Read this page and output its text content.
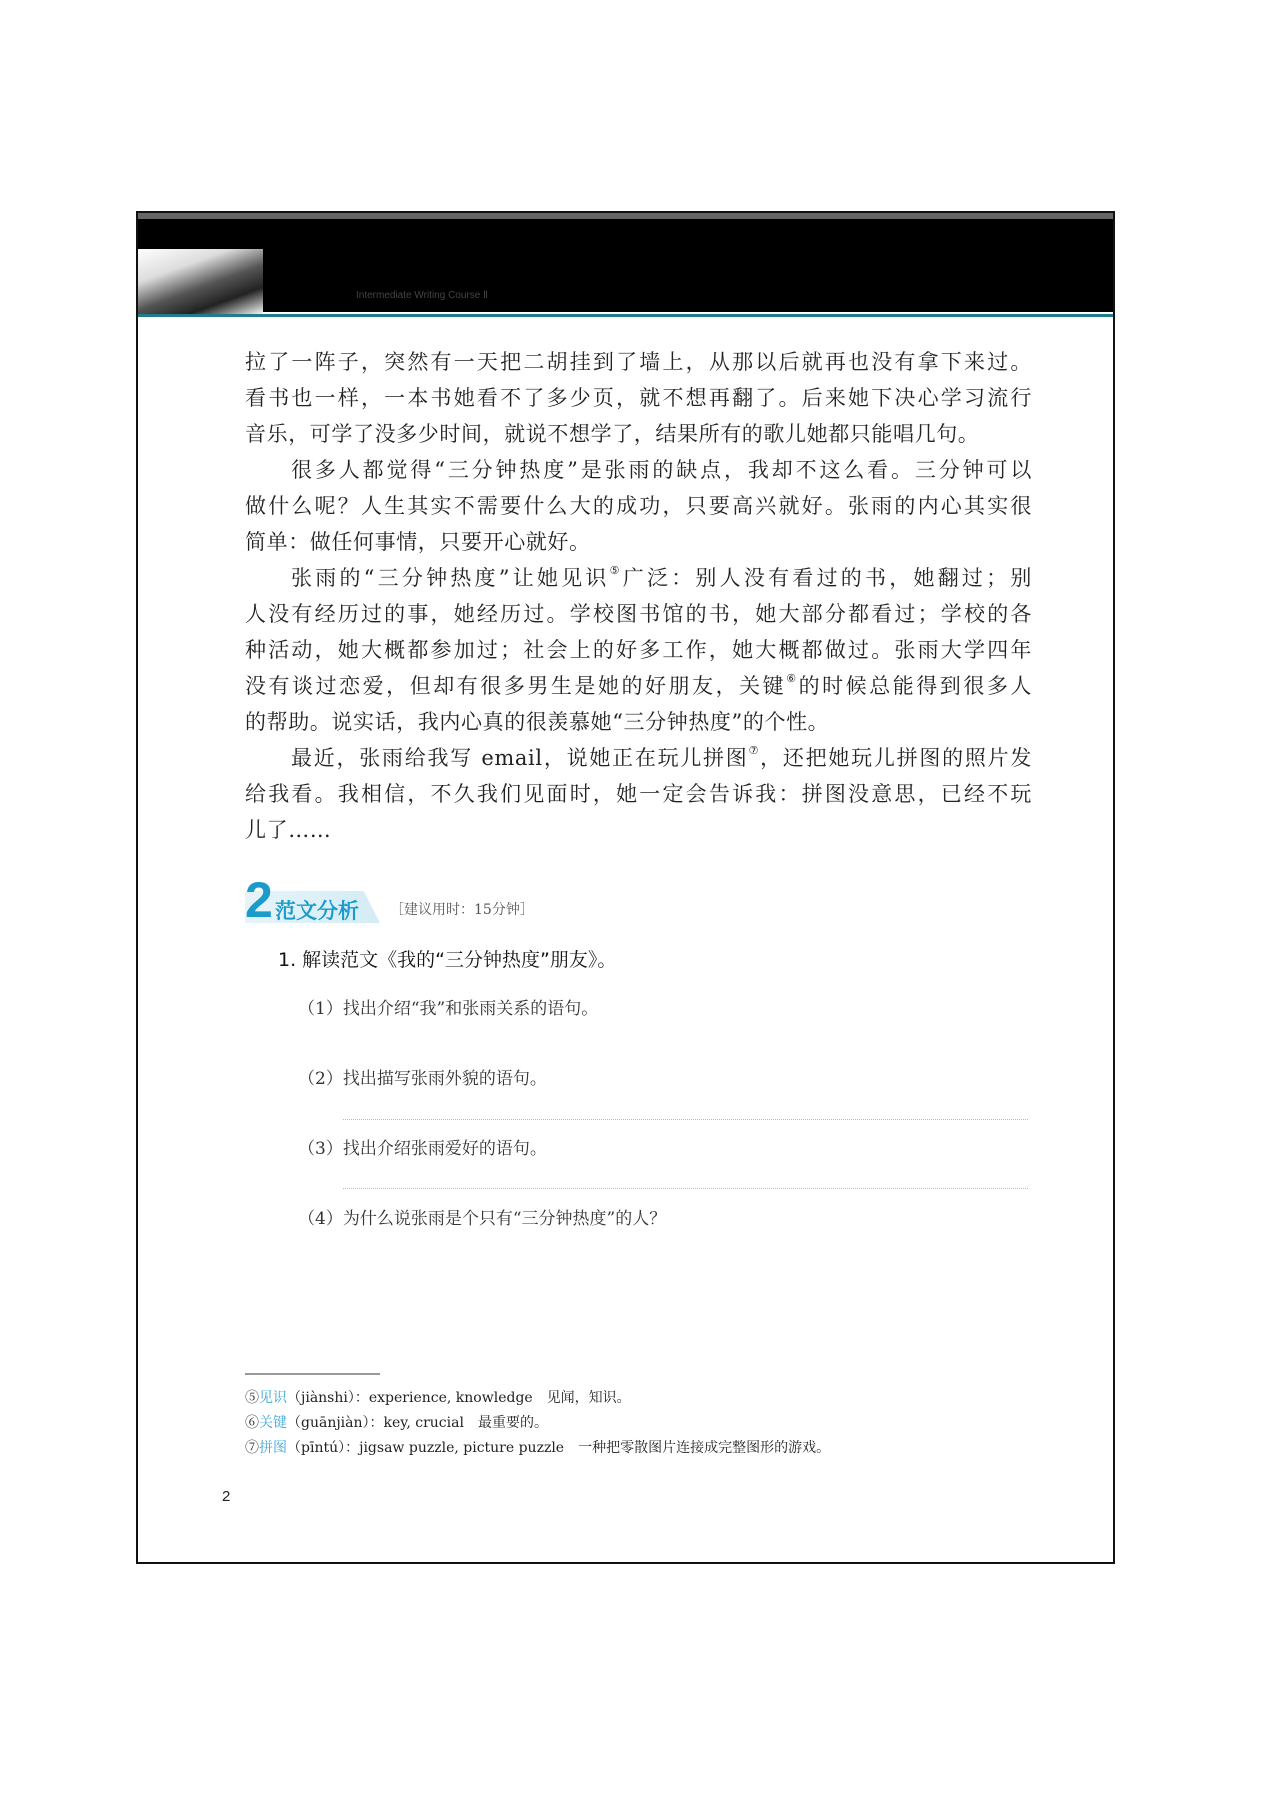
Intermediate Writing Course Ⅱ
拉了一阵子，突然有一天把二胡挂到了墙上，从那以后就再也没有拿下来过。
看书也一样，一本书她看不了多少页，就不想再翻了。后来她下决心学习流行
音乐，可学了没多少时间，就说不想学了，结果所有的歌儿她都只能唱几句。
很多人都觉得“三分钟热度”是张雨的缺点，我却不这么看。三分钟可以
做什么呢？人生其实不需要什么大的成功，只要高兴就好。张雨的内心其实很
简单：做任何事情，只要开心就好。
张雨的“三分钟热度”让她见识⑤广泛：别人没有看过的书，她翻过；别
人没有经历过的事，她经历过。学校图书馆的书，她大部分都看过；学校的各
种活动，她大概都参加过；社会上的好多工作，她大概都做过。张雨大学四年
没有谈过恋爱，但却有很多男生是她的好朋友，关键⑥的时候总能得到很多人
的帮助。说实话，我内心真的很羡慕她“三分钟热度”的个性。
最近，张雨给我写 email，说她正在玩儿拼图⑦，还把她玩儿拼图的照片发
给我看。我相信，不久我们见面时，她一定会告诉我：拼图没意思，已经不玩
儿了……
2 范文分析 ［建议用时：15分钟］
1. 解读范文《我的“三分钟热度”朋友》。
（1）找出介绍“我”和张雨关系的语句。
（2）找出描写张雨外貌的语句。
（3）找出介绍张雨爱好的语句。
（4）为什么说张雨是个只有“三分钟热度”的人？
⑤见识（jiànshi）：experience, knowledge 见闻，知识。
⑥关键（guānjiàn）：key, crucial 最重要的。
⑦拼图（pīntú）：jigsaw puzzle, picture puzzle 一种把零散图片连接成完整图形的游戏。
2
